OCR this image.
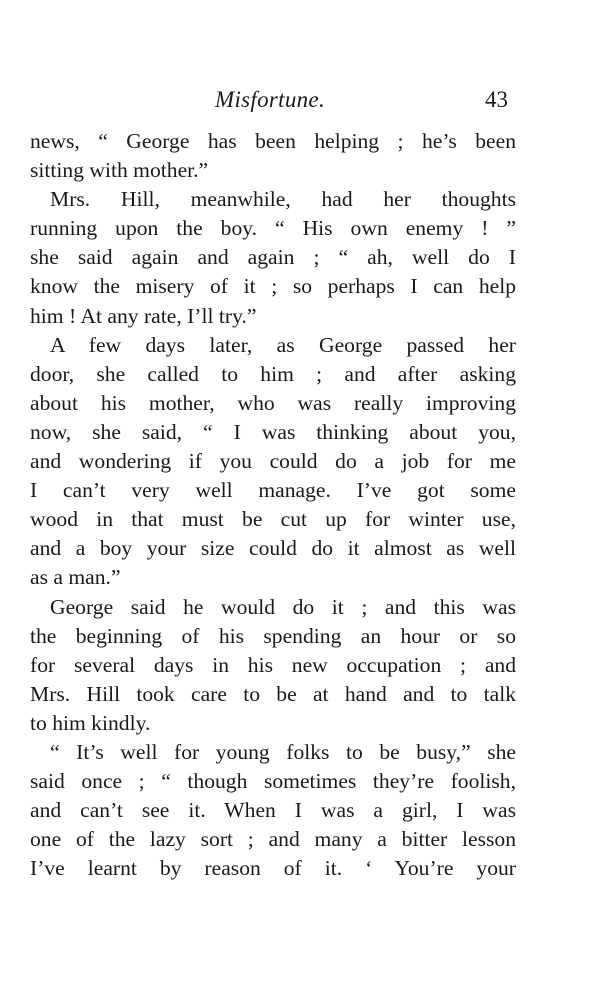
Misfortune.	43

news, “ George has been helping ; he’s been
sitting with mother.”

Mrs. Hill, meanwhile, had her thoughts
running upon the boy. “ His own enemy ! ”
she said again and again ; “ ah, well do I
know the misery of it ; so perhaps I can help
him ! At any rate, I’ll try.”

A few days later, as George passed her
door, she called to him ; and after asking
about his mother, who was really improving
now, she said, “ I was thinking about you,
and wondering if you could do a job for me
I can’t very well manage. I’ve got some
wood in that must be cut up for winter use,
and a boy your size could do it almost as well
as a man.”

George said he would do it ; and this was
the beginning of his spending an hour or so
for several days in his new occupation ; and
Mrs. Hill took care to be at hand and to talk
to him kindly.

“ It’s well for young folks to be busy,” she
said once ; “ though sometimes they’re foolish,
and can’t see it. When I was a girl, I was
one of the lazy sort ; and many a bitter lesson
I’ve learnt by reason of it. ‘ You’re your
